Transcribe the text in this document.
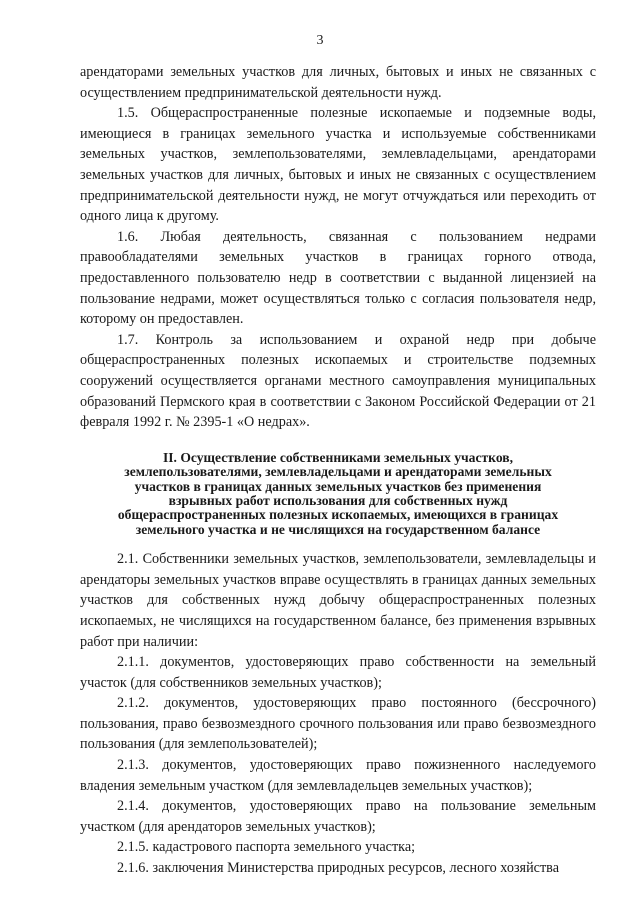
3

арендаторами земельных участков для личных, бытовых и иных не связанных с осуществлением предпринимательской деятельности нужд.

1.5. Общераспространенные полезные ископаемые и подземные воды, имеющиеся в границах земельного участка и используемые собственниками земельных участков, землепользователями, землевладельцами, арендаторами земельных участков для личных, бытовых и иных не связанных с осуществлением предпринимательской деятельности нужд, не могут отчуждаться или переходить от одного лица к другому.

1.6. Любая деятельность, связанная с пользованием недрами правообладателями земельных участков в границах горного отвода, предоставленного пользователю недр в соответствии с выданной лицензией на пользование недрами, может осуществляться только с согласия пользователя недр, которому он предоставлен.

1.7. Контроль за использованием и охраной недр при добыче общераспространенных полезных ископаемых и строительстве подземных сооружений осуществляется органами местного самоуправления муниципальных образований Пермского края в соответствии с Законом Российской Федерации от 21 февраля 1992 г. № 2395-1 «О недрах».

II. Осуществление собственниками земельных участков,
землепользователями, землевладельцами и арендаторами земельных
участков в границах данных земельных участков без применения
взрывных работ использования для собственных нужд
общераспространенных полезных ископаемых, имеющихся в границах
земельного участка и не числящихся на государственном балансе

2.1. Собственники земельных участков, землепользователи, землевладельцы и арендаторы земельных участков вправе осуществлять в границах данных земельных участков для собственных нужд добычу общераспространенных полезных ископаемых, не числящихся на государственном балансе, без применения взрывных работ при наличии:

2.1.1. документов, удостоверяющих право собственности на земельный участок (для собственников земельных участков);

2.1.2. документов, удостоверяющих право постоянного (бессрочного) пользования, право безвозмездного срочного пользования или право безвозмездного пользования (для землепользователей);

2.1.3. документов, удостоверяющих право пожизненного наследуемого владения земельным участком (для землевладельцев земельных участков);

2.1.4. документов, удостоверяющих право на пользование земельным участком (для арендаторов земельных участков);

2.1.5. кадастрового паспорта земельного участка;

2.1.6. заключения Министерства природных ресурсов, лесного хозяйства
